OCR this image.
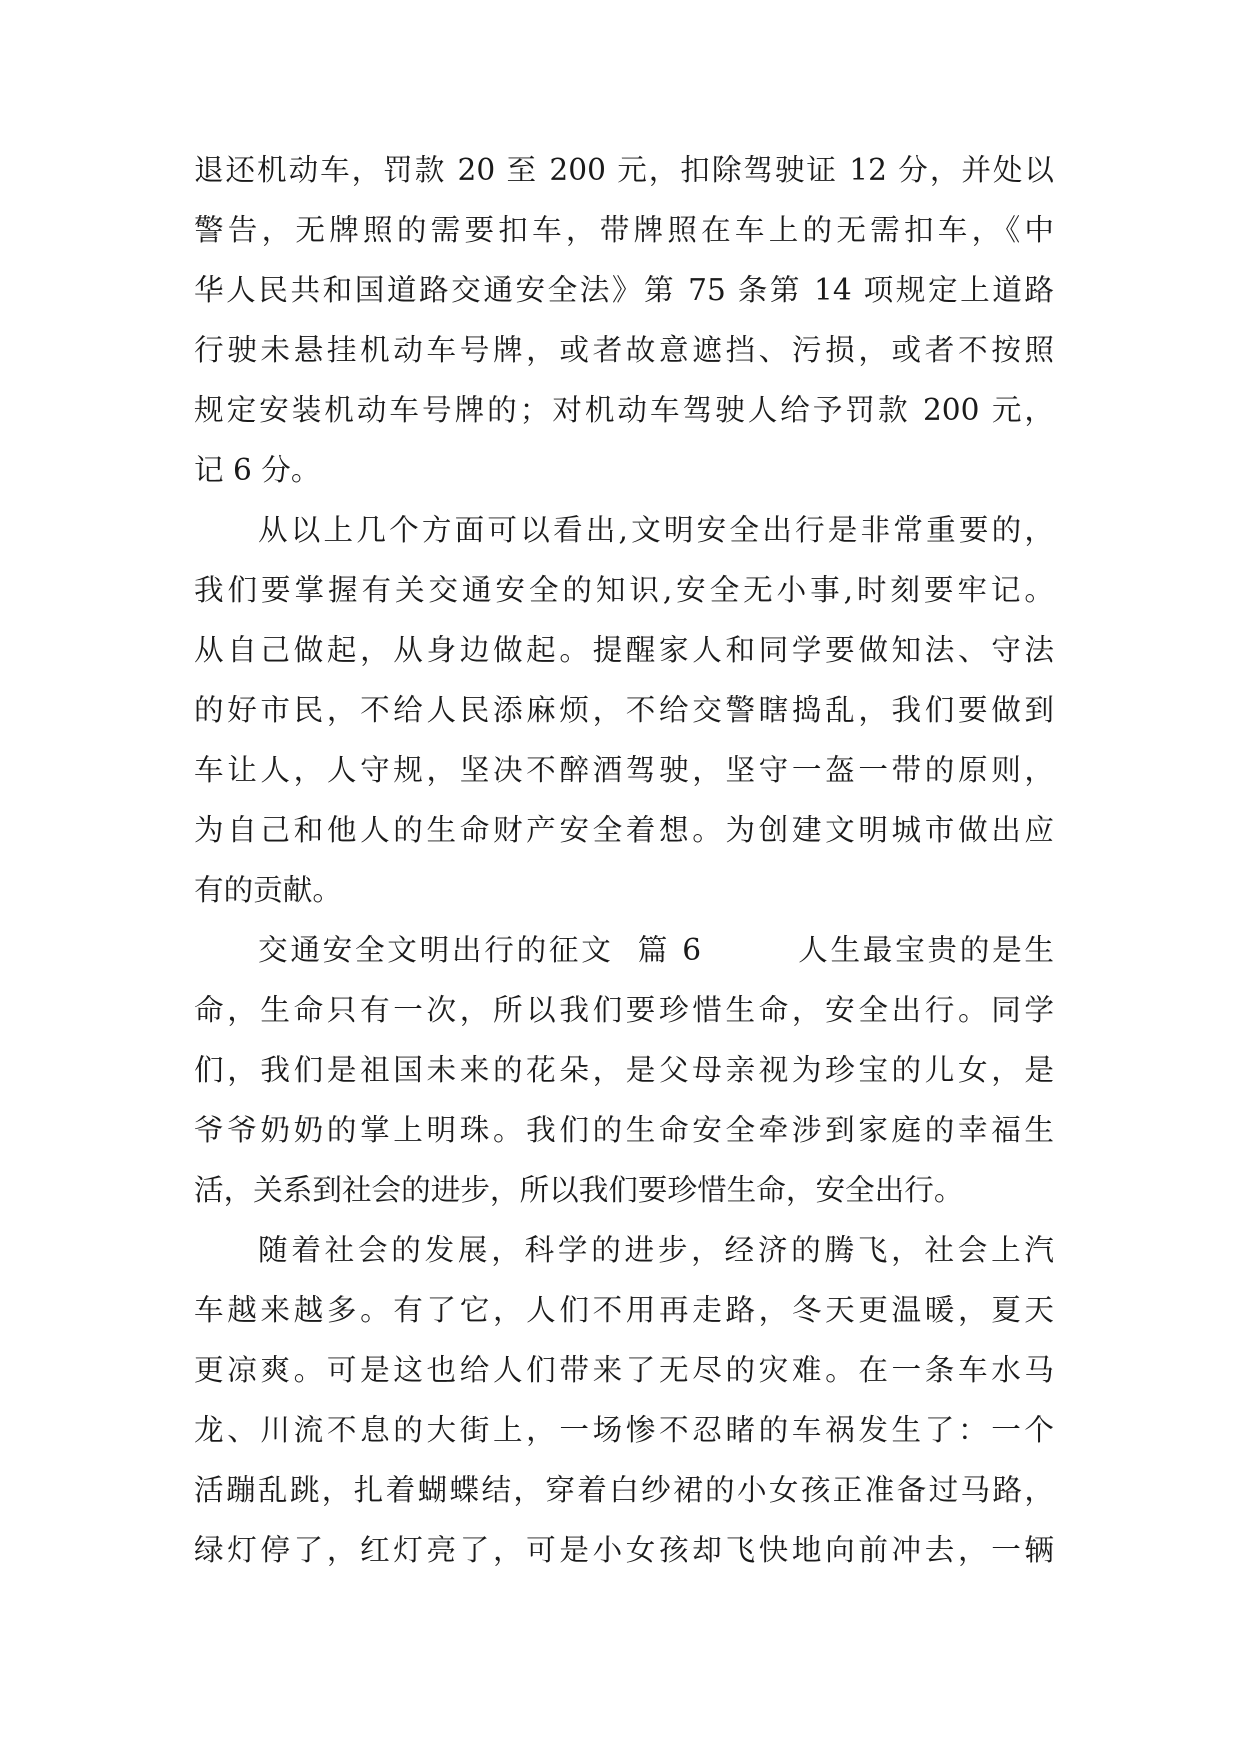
退还机动车，罚款 20 至 200 元，扣除驾驶证 12 分，并处以
警告，无牌照的需要扣车，带牌照在车上的无需扣车，《中
华人民共和国道路交通安全法》第 75 条第 14 项规定上道路
行驶未悬挂机动车号牌，或者故意遮挡、污损，或者不按照
规定安装机动车号牌的；对机动车驾驶人给予罚款 200 元，
记 6 分。
从以上几个方面可以看出,文明安全出行是非常重要的，
我们要掌握有关交通安全的知识,安全无小事,时刻要牢记。
从自己做起，从身边做起。提醒家人和同学要做知法、守法
的好市民，不给人民添麻烦，不给交警瞎捣乱，我们要做到
车让人，人守规，坚决不醉酒驾驶，坚守一盔一带的原则，
为自己和他人的生命财产安全着想。为创建文明城市做出应
有的贡献。
交通安全文明出行的征文  篇 6        人生最宝贵的是生
命，生命只有一次，所以我们要珍惜生命，安全出行。同学
们，我们是祖国未来的花朵，是父母亲视为珍宝的儿女，是
爷爷奶奶的掌上明珠。我们的生命安全牵涉到家庭的幸福生
活，关系到社会的进步，所以我们要珍惜生命，安全出行。
随着社会的发展，科学的进步，经济的腾飞，社会上汽
车越来越多。有了它，人们不用再走路，冬天更温暖，夏天
更凉爽。可是这也给人们带来了无尽的灾难。在一条车水马
龙、川流不息的大街上，一场惨不忍睹的车祸发生了：一个
活蹦乱跳，扎着蝴蝶结，穿着白纱裙的小女孩正准备过马路，
绿灯停了，红灯亮了，可是小女孩却飞快地向前冲去，一辆
